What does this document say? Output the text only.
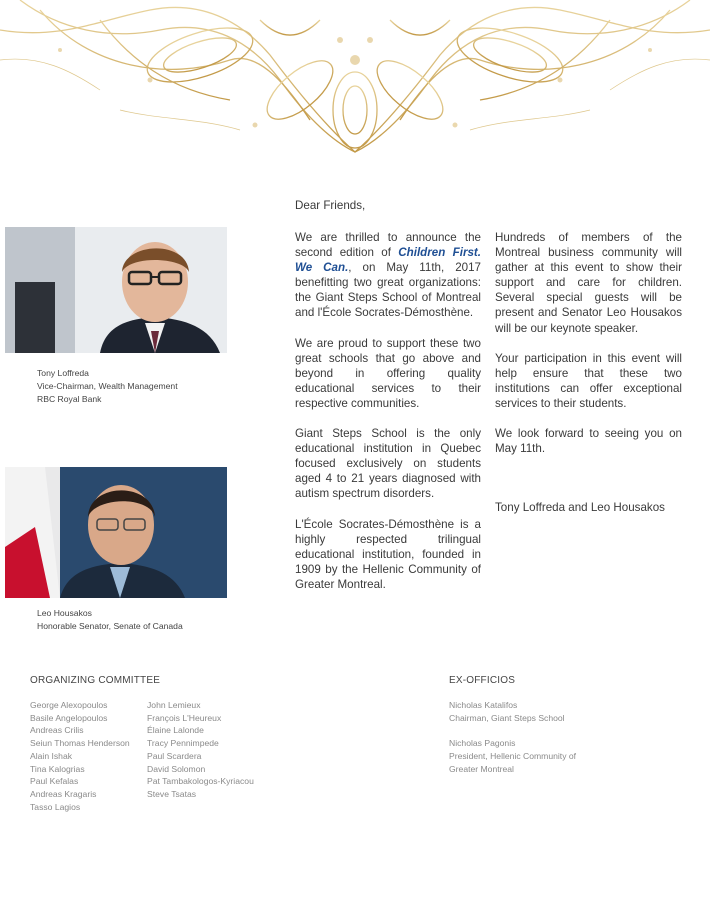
Tony Loffreda
Vice-Chairman, Wealth Management
RBC Royal Bank
Leo Housakos
Honorable Senator, Senate of Canada
Dear Friends,

We are thrilled to announce the second edition of Children First. We Can., on May 11th, 2017 benefitting two great organizations: the Giant Steps School of Montreal and l'École Socrates-Démosthène.

We are proud to support these two great schools that go above and beyond in offering quality educational services to their respective communities.

Giant Steps School is the only educational institution in Quebec focused exclusively on students aged 4 to 21 years diagnosed with autism spectrum disorders.

L'École Socrates-Démosthène is a highly respected trilingual educational institution, founded in 1909 by the Hellenic Community of Greater Montreal.

Hundreds of members of the Montreal business community will gather at this event to show their support and care for children. Several special guests will be present and Senator Leo Housakos will be our keynote speaker.

Your participation in this event will help ensure that these two institutions can offer exceptional services to their students.

We look forward to seeing you on May 11th.

Tony Loffreda and Leo Housakos

ORGANIZING COMMITTEE
George Alexopoulos
Basile Angelopoulos
Andreas Crilis
Seiun Thomas Henderson
Alain Ishak
Tina Kalogrias
Paul Kefalas
Andreas Kragaris
Tasso Lagios
John Lemieux
François L'Heureux
Élaine Lalonde
Tracy Pennimpede
Paul Scardera
David Solomon
Pat Tambakologos-Kyriacou
Steve Tsatas
EX-OFFICIOS
Nicholas Katalifos
Chairman, Giant Steps School
Nicholas Pagonis
President, Hellenic Community of
Greater Montreal
